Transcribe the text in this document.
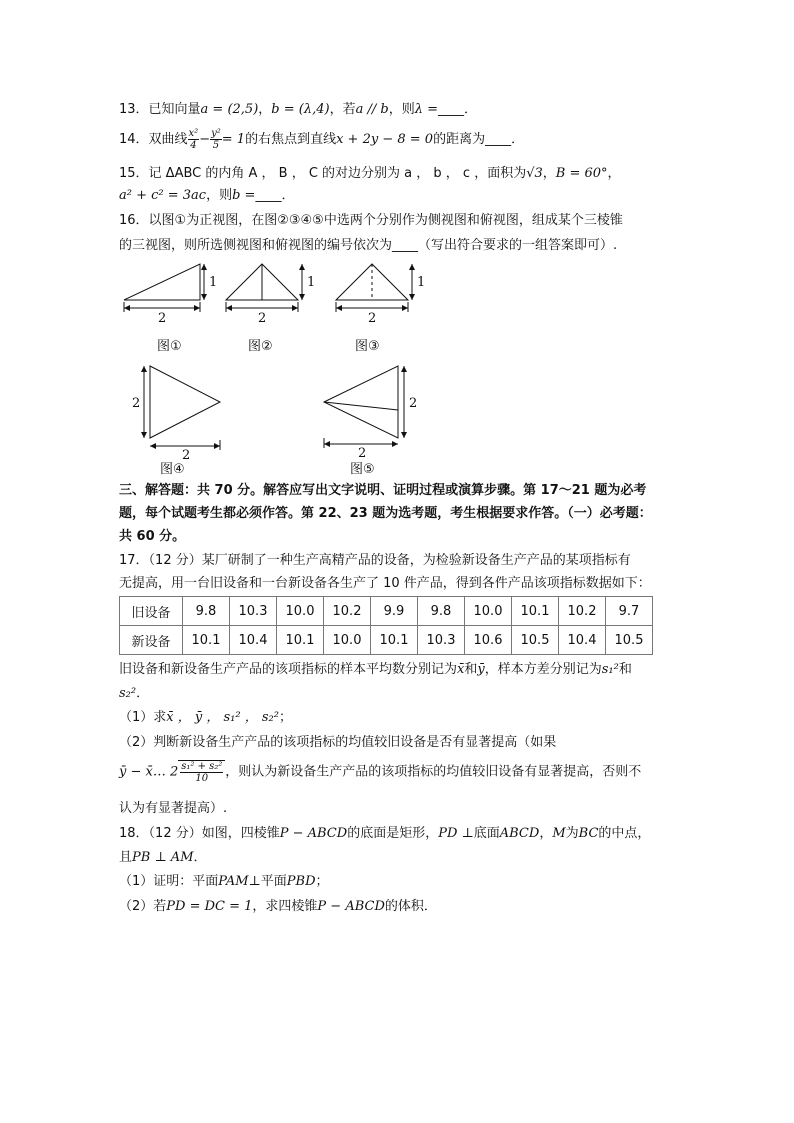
13．已知向量a = (2,5)，b = (λ,4)，若a // b，则λ =____．
14．双曲线 $\frac{\text{x²}}{4} - \frac{\text{y²}}{5} = 1$的右焦点到直线x + 2y − 8 = 0的距离为____．
15．记 ΔABC 的内角 A ， B ， C 的对边分别为 a ， b ， c ，面积为√3，B = 60°，
a² + c² = 3ac，则b =____．
16．以图①为正视图，在图②③④⑤中选两个分别作为侧视图和俯视图，组成某个三棱锥
的三视图，则所选侧视图和俯视图的编号依次为____（写出符合要求的一组答案即可）.
1
2
图①
1
2
图②
1
2
图③
2
2
图④
2
2
图⑤
三、解答题：共 70 分。解答应写出文字说明、证明过程或演算步骤。第 17～21 题为必考
题，每个试题考生都必须作答。第 22、23 题为选考题，考生根据要求作答。（一）必考题：
共 60 分。
17．（12 分）某厂研制了一种生产高精产品的设备，为检验新设备生产产品的某项指标有
无提高，用一台旧设备和一台新设备各生产了 10 件产品，得到各件产品该项指标数据如下：
旧设备	9.8	10.3	10.0	10.2	9.9	9.8	10.0	10.1	10.2	9.7
新设备	10.1	10.4	10.1	10.0	10.1	10.3	10.6	10.5	10.4	10.5
旧设备和新设备生产产品的该项指标的样本平均数分别记为x̄和ȳ，样本方差分别记为s₁²和
s₂²．
（1）求x̄ ， ȳ ， s₁² ， s₂²；
（2）判断新设备生产产品的该项指标的均值较旧设备是否有显著提高（如果
ȳ − x̄… $2 \frac{\text{s₁² + s₂²}}{10}$ ，则认为新设备生产产品的该项指标的均值较旧设备有显著提高，否则不
认为有显著提高）.
18．（12 分）如图，四棱锥P − ABCD的底面是矩形，PD ⊥底面ABCD，M为BC的中点，
且PB ⊥ AM．
（1）证明：平面PAM⊥平面PBD；
（2）若PD = DC = 1，求四棱锥P − ABCD的体积．
